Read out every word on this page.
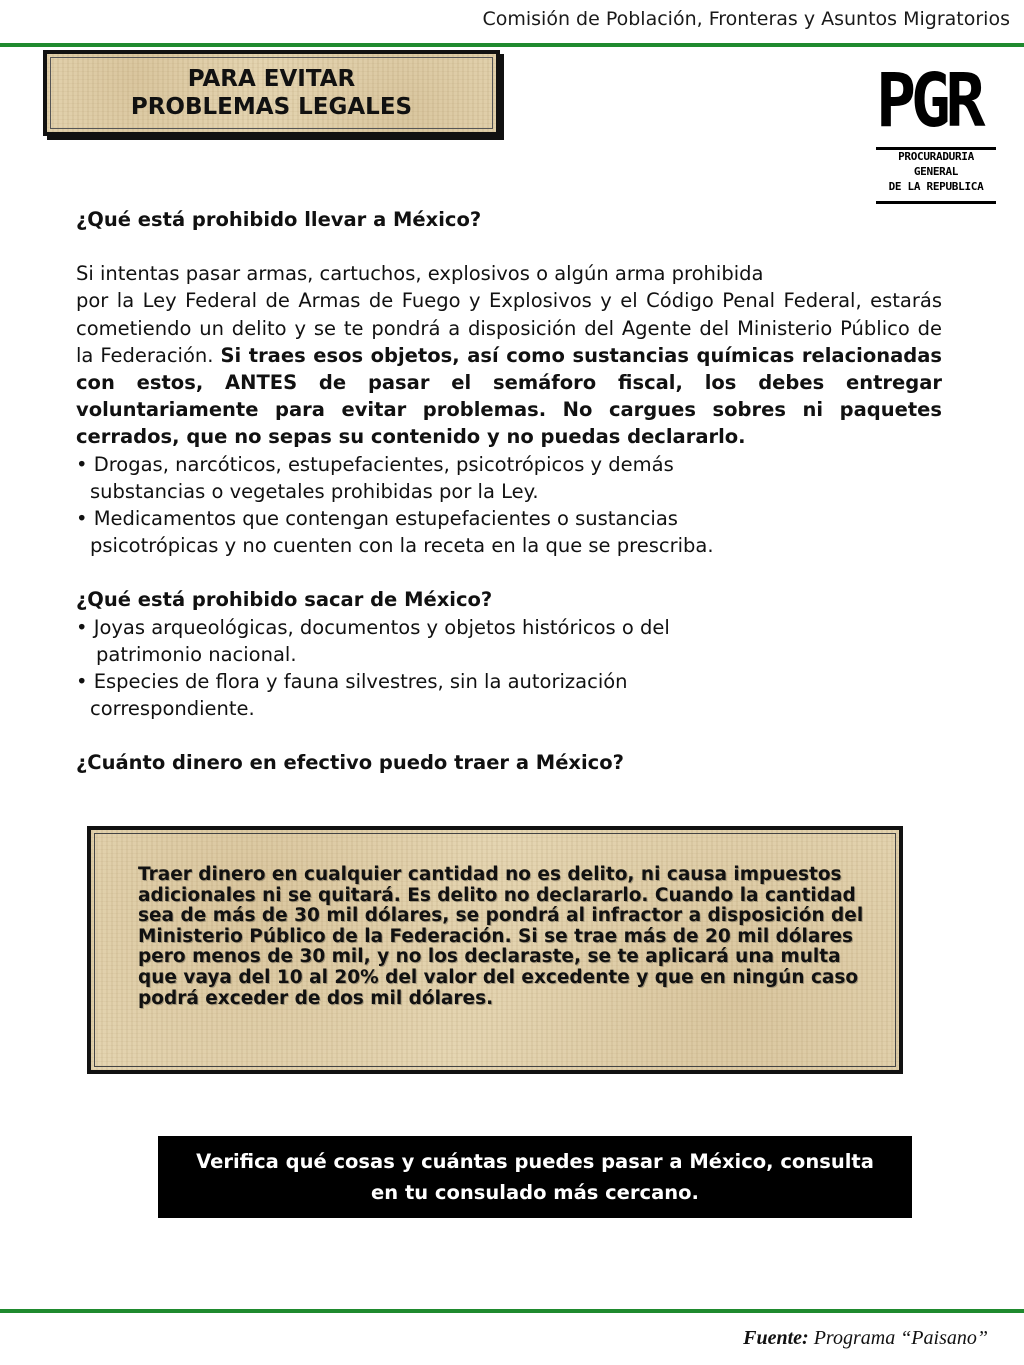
Comisión de Población, Fronteras y Asuntos Migratorios
PARA EVITAR PROBLEMAS LEGALES	PGR
PROCURADURIA
GENERAL
DE LA REPUBLICA

¿Qué está prohibido llevar a México?

Si intentas pasar armas, cartuchos, explosivos o algún arma prohibida

por la Ley Federal de Armas de Fuego y Explosivos y el Código Penal Federal, estarás cometiendo un delito y se te pondrá a disposición del Agente del Ministerio Público de la Federación. Si traes esos objetos, así como sustancias químicas relacionadas con estos, ANTES de pasar el semáforo fiscal, los debes entregar voluntariamente para evitar problemas. No cargues sobres ni paquetes cerrados, que no sepas su contenido y no puedas declararlo.

• Drogas, narcóticos, estupefacientes, psicotrópicos y demás

substancias o vegetales prohibidas por la Ley.

• Medicamentos que contengan estupefacientes o sustancias

psicotrópicas y no cuenten con la receta en la que se prescriba.

¿Qué está prohibido sacar de México?

• Joyas arqueológicas, documentos y objetos históricos o del

patrimonio nacional.

• Especies de flora y fauna silvestres, sin la autorización

correspondiente.

¿Cuánto dinero en efectivo puedo traer a México?

Traer dinero en cualquier cantidad no es delito, ni causa impuestos adicionales ni se quitará. Es delito no declararlo. Cuando la cantidad sea de más de 30 mil dólares, se pondrá al infractor a disposición del Ministerio Público de la Federación. Si se trae más de 20 mil dólares pero menos de 30 mil, y no los declaraste, se te aplicará una multa que vaya del 10 al 20% del valor del excedente y que en ningún caso podrá exceder de dos mil dólares.
Verifica qué cosas y cuántas puedes pasar a México, consulta
en tu consulado más cercano.
Fuente: Programa “Paisano”
